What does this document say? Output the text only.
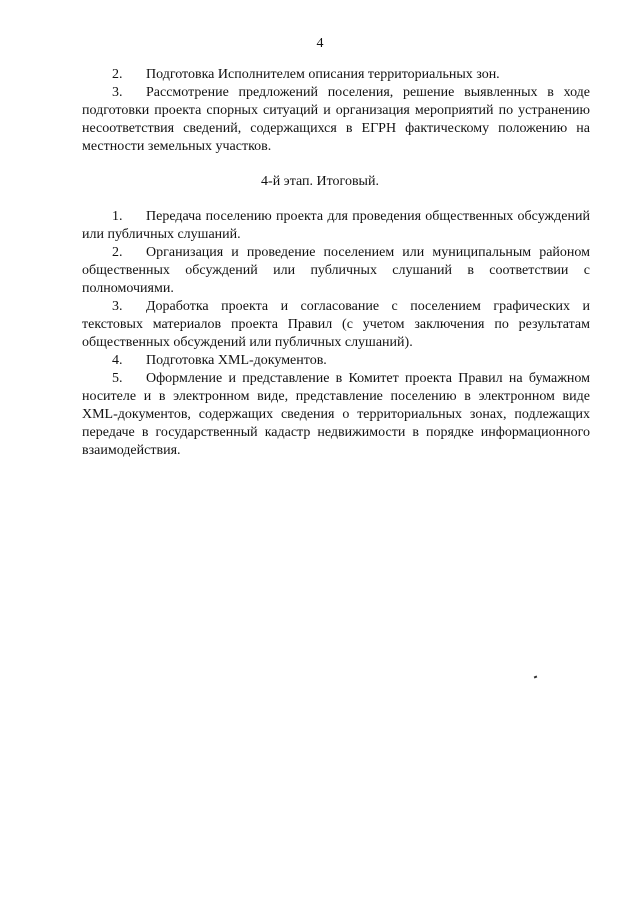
4

2. Подготовка Исполнителем описания территориальных зон.

3. Рассмотрение предложений поселения, решение выявленных в ходе подготовки проекта спорных ситуаций и организация мероприятий по устранению несоответствия сведений, содержащихся в ЕГРН фактическому положению на местности земельных участков.

4-й этап. Итоговый.

1. Передача поселению проекта для проведения общественных обсуждений или публичных слушаний.

2. Организация и проведение поселением или муниципальным районом общественных обсуждений или публичных слушаний в соответствии с полномочиями.

3. Доработка проекта и согласование с поселением графических и текстовых материалов проекта Правил (с учетом заключения по результатам общественных обсуждений или публичных слушаний).

4. Подготовка XML-документов.

5. Оформление и представление в Комитет проекта Правил на бумажном носителе и в электронном виде, представление поселению в электронном виде XML-документов, содержащих сведения о территориальных зонах, подлежащих передаче в государственный кадастр недвижимости в порядке информационного взаимодействия.
